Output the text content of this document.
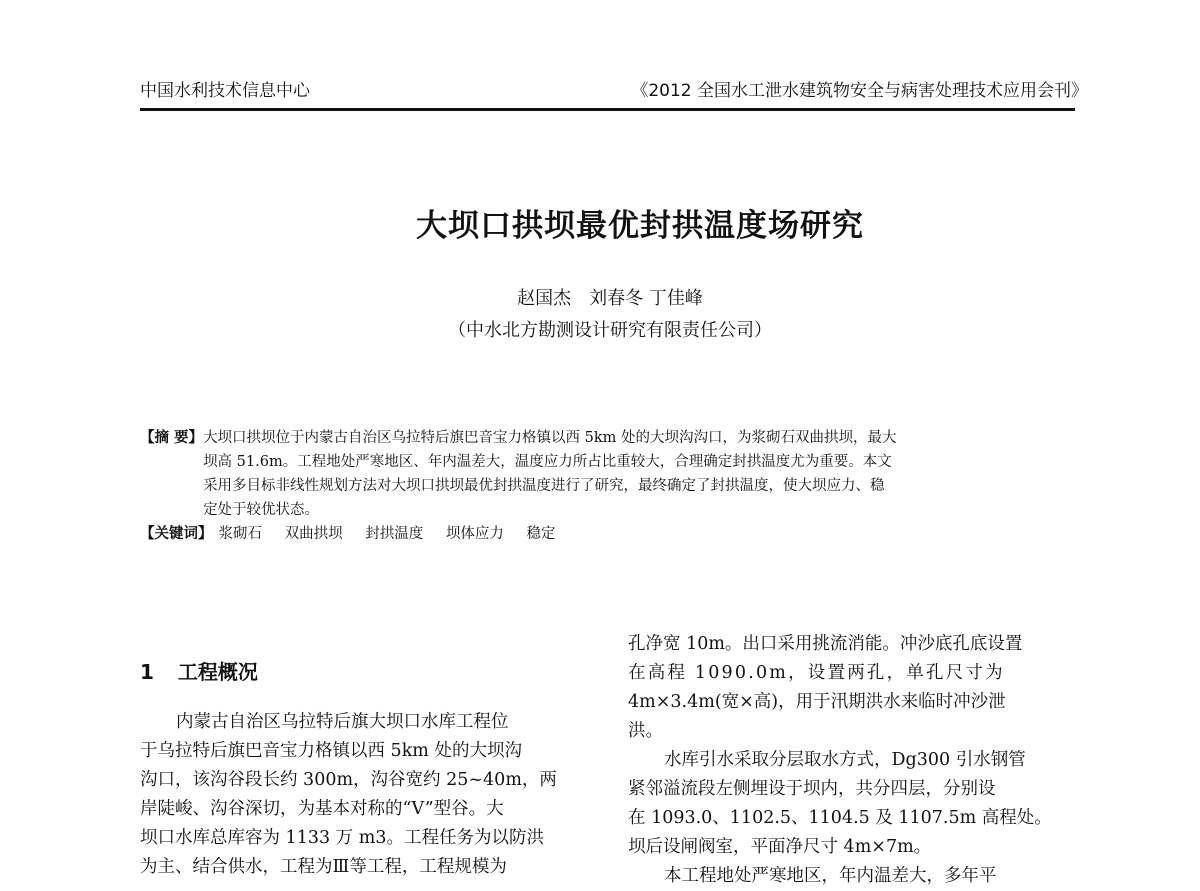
中国水利技术信息中心	《2012 全国水工泄水建筑物安全与病害处理技术应用会刊》
大坝口拱坝最优封拱温度场研究
赵国杰　刘春冬 丁佳峰
（中水北方勘测设计研究有限责任公司）
【摘 要】 大坝口拱坝位于内蒙古自治区乌拉特后旗巴音宝力格镇以西 5km 处的大坝沟沟口，为浆砌石双曲拱坝，最大
坝高 51.6m。工程地处严寒地区、年内温差大，温度应力所占比重较大，合理确定封拱温度尤为重要。本文
采用多目标非线性规划方法对大坝口拱坝最优封拱温度进行了研究，最终确定了封拱温度，使大坝应力、稳
定处于较优状态。
【关键词】 浆砌石 双曲拱坝 封拱温度 坝体应力 稳定
1 工程概况
内蒙古自治区乌拉特后旗大坝口水库工程位
于乌拉特后旗巴音宝力格镇以西 5km 处的大坝沟
沟口，该沟谷段长约 300m，沟谷宽约 25~40m，两
岸陡峻、沟谷深切，为基本对称的“V”型谷。大
坝口水库总库容为 1133 万 m3。工程任务为以防洪
为主、结合供水，工程为Ⅲ等工程，工程规模为
孔净宽 10m。出口采用挑流消能。冲沙底孔底设置
在高程 1090.0m，设置两孔，单孔尺寸为
4m×3.4m(宽×高)，用于汛期洪水来临时冲沙泄
洪。
水库引水采取分层取水方式，Dg300 引水钢管
紧邻溢流段左侧埋设于坝内，共分四层，分别设
在 1093.0、1102.5、1104.5 及 1107.5m 高程处。
坝后设闸阀室，平面净尺寸 4m×7m。
本工程地处严寒地区，年内温差大，多年平
